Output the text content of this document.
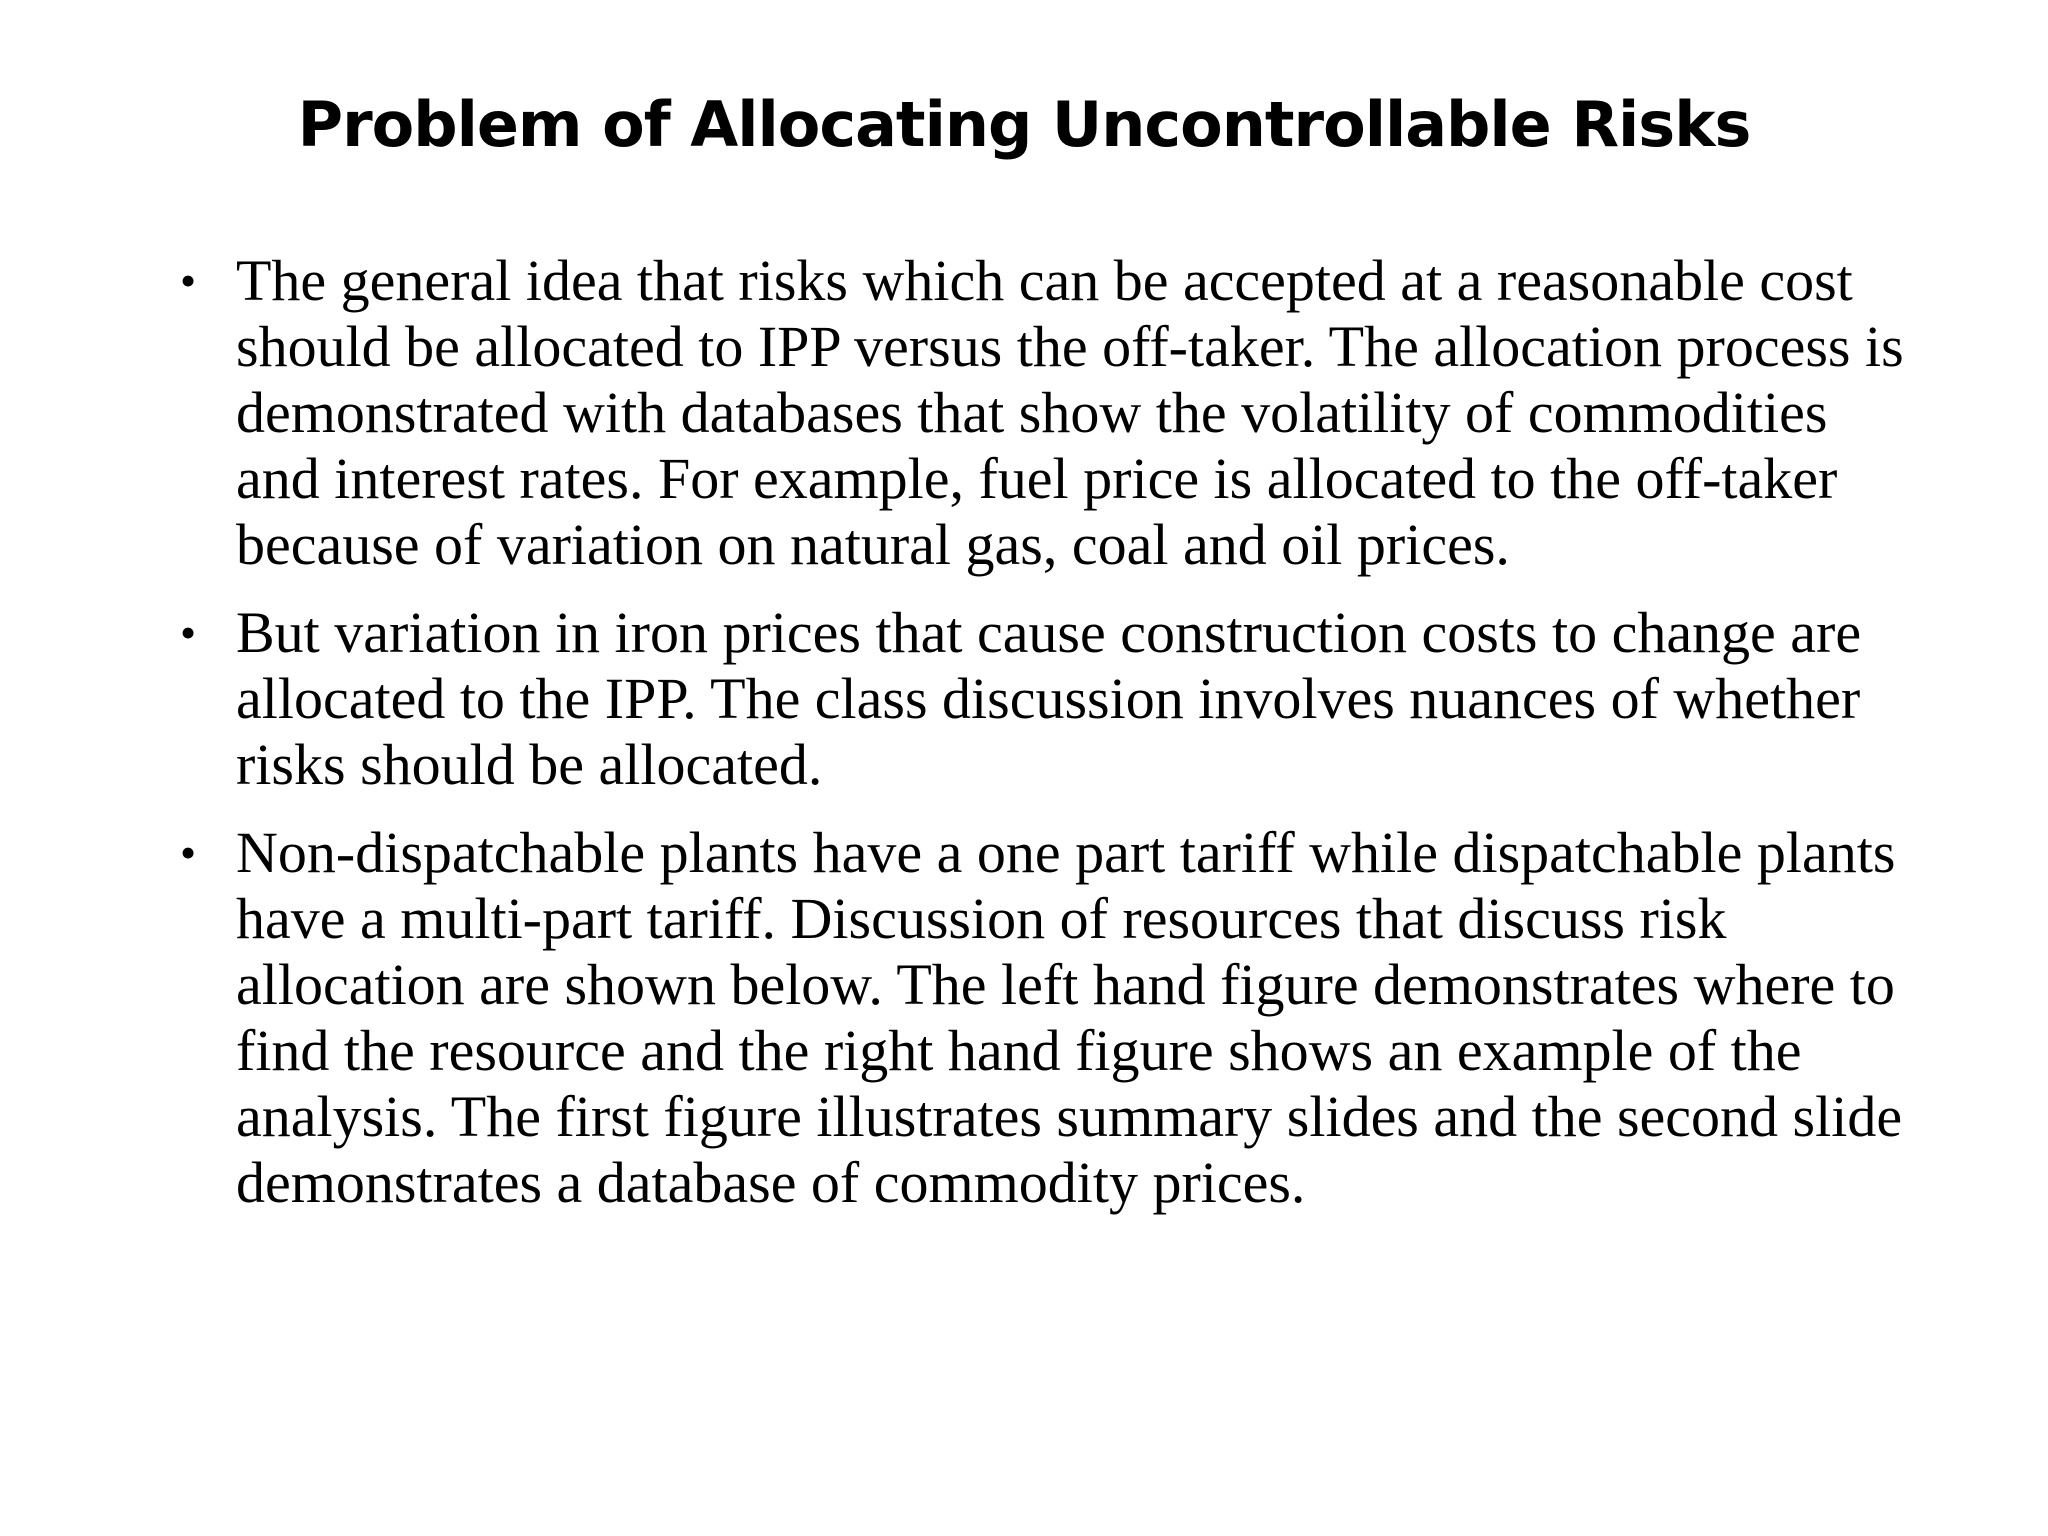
Problem of Allocating Uncontrollable Risks
• The general idea that risks which can be accepted at a reasonable cost should be allocated to IPP versus the off-taker. The allocation process is demonstrated with databases that show the volatility of commodities and interest rates. For example, fuel price is allocated to the off-taker because of variation on natural gas, coal and oil prices.
• But variation in iron prices that cause construction costs to change are allocated to the IPP. The class discussion involves nuances of whether risks should be allocated.
• Non-dispatchable plants have a one part tariff while dispatchable plants have a multi-part tariff. Discussion of resources that discuss risk allocation are shown below. The left hand figure demonstrates where to find the resource and the right hand figure shows an example of the analysis. The first figure illustrates summary slides and the second slide demonstrates a database of commodity prices.
